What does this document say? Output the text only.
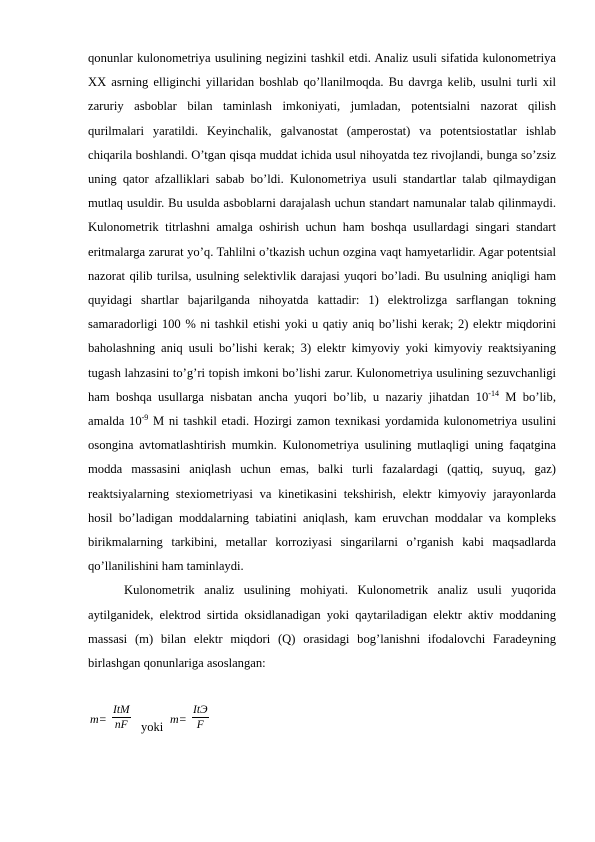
qonunlar kulonometriya usulining negizini tashkil etdi. Analiz usuli sifatida kulonometriya XX asrning elliginchi yillaridan boshlab qo’llanilmoqda. Bu davrga kelib, usulni turli xil zaruriy asboblar bilan taminlash imkoniyati, jumladan, potentsialni nazorat qilish qurilmalari yaratildi. Keyinchalik, galvanostat (amperostat) va potentsiostatlar ishlab chiqarila boshlandi. O’tgan qisqa muddat ichida usul nihoyatda tez rivojlandi, bunga so’zsiz uning qator afzalliklari sabab bo’ldi. Kulonometriya usuli standartlar talab qilmaydigan mutlaq usuldir. Bu usulda asboblarni darajalash uchun standart namunalar talab qilinmaydi. Kulonometrik titrlashni amalga oshirish uchun ham boshqa usullardagi singari standart eritmalarga zarurat yo’q. Tahlilni o’tkazish uchun ozgina vaqt hamyetarlidir. Agar potentsial nazorat qilib turilsa, usulning selektivlik darajasi yuqori bo’ladi. Bu usulning aniqligi ham quyidagi shartlar bajarilganda nihoyatda kattadir: 1) elektrolizga sarflangan tokning samaradorligi 100 % ni tashkil etishi yoki u qatiy aniq bo’lishi kerak; 2) elektr miqdorini baholashning aniq usuli bo’lishi kerak; 3) elektr kimyoviy yoki kimyoviy reaktsiyaning tugash lahzasini to’g’ri topish imkoni bo’lishi zarur. Kulonometriya usulining sezuvchanligi ham boshqa usullarga nisbatan ancha yuqori bo’lib, u nazariy jihatdan $10^{-14}$ M bo’lib, amalda $10^{-9}$ M ni tashkil etadi. Hozirgi zamon texnikasi yordamida kulonometriya usulini osongina avtomatlashtirish mumkin. Kulonometriya usulining mutlaqligi uning faqatgina modda massasini aniqlash uchun emas, balki turli fazalardagi (qattiq, suyuq, gaz) reaktsiyalarning stexiometriyasi va kinetikasini tekshirish, elektr kimyoviy jarayonlarda hosil bo’ladigan moddalarning tabiatini aniqlash, kam eruvchan moddalar va kompleks birikmalarning tarkibini, metallar korroziyasi singarilarni o’rganish kabi maqsadlarda qo’llanilishini ham taminlaydi.

Kulonometrik analiz usulining mohiyati. Kulonometrik analiz usuli yuqorida aytilganidek, elektrod sirtida oksidlanadigan yoki qaytariladigan elektr aktiv moddaning massasi (m) bilan elektr miqdori (Q) orasidagi bog’lanishni ifodalovchi Faradeyning birlashgan qonunlariga asoslangan:

m=
ItM
nF yoki
m=
ItЭ
F
